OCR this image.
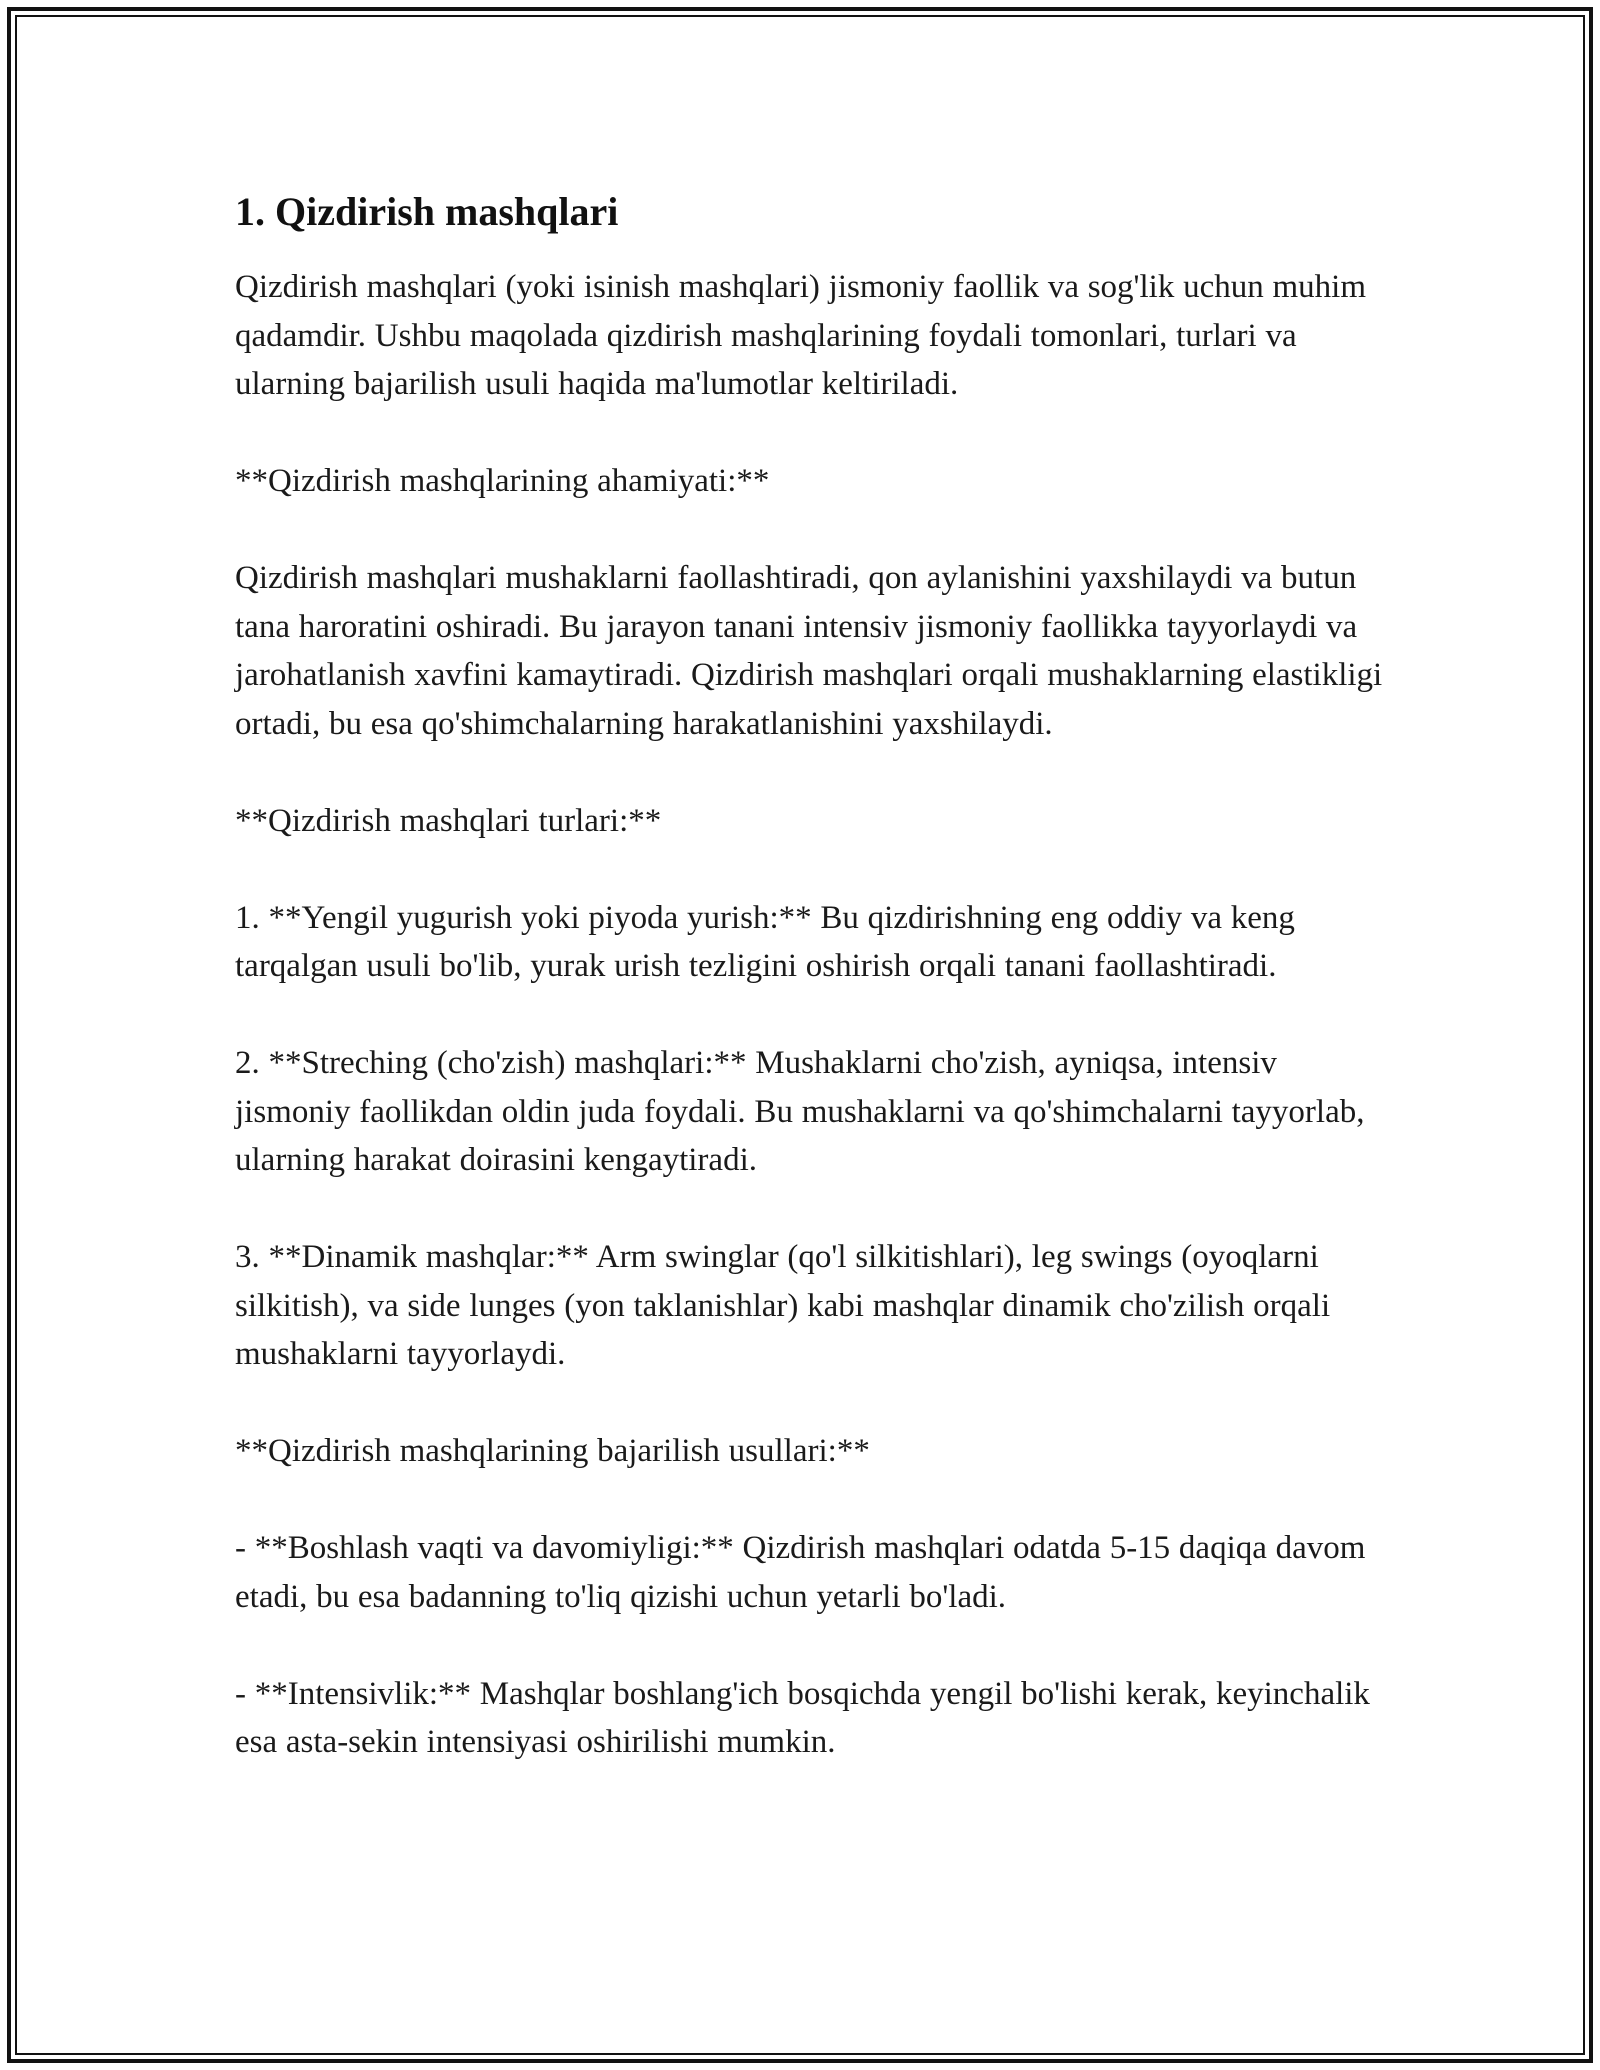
1. Qizdirish mashqlari

Qizdirish mashqlari (yoki isinish mashqlari) jismoniy faollik va sog'lik uchun muhim qadamdir. Ushbu maqolada qizdirish mashqlarining foydali tomonlari, turlari va ularning bajarilish usuli haqida ma'lumotlar keltiriladi.

**Qizdirish mashqlarining ahamiyati:**

Qizdirish mashqlari mushaklarni faollashtiradi, qon aylanishini yaxshilaydi va butun tana haroratini oshiradi. Bu jarayon tanani intensiv jismoniy faollikka tayyorlaydi va jarohatlanish xavfini kamaytiradi. Qizdirish mashqlari orqali mushaklarning elastikligi ortadi, bu esa qo'shimchalarning harakatlanishini yaxshilaydi.

**Qizdirish mashqlari turlari:**

1. **Yengil yugurish yoki piyoda yurish:** Bu qizdirishning eng oddiy va keng tarqalgan usuli bo'lib, yurak urish tezligini oshirish orqali tanani faollashtiradi.

2. **Streching (cho'zish) mashqlari:** Mushaklarni cho'zish, ayniqsa, intensiv jismoniy faollikdan oldin juda foydali. Bu mushaklarni va qo'shimchalarni tayyorlab, ularning harakat doirasini kengaytiradi.

3. **Dinamik mashqlar:** Arm swinglar (qo'l silkitishlari), leg swings (oyoqlarni silkitish), va side lunges (yon taklanishlar) kabi mashqlar dinamik cho'zilish orqali mushaklarni tayyorlaydi.

**Qizdirish mashqlarining bajarilish usullari:**

- **Boshlash vaqti va davomiyligi:** Qizdirish mashqlari odatda 5-15 daqiqa davom etadi, bu esa badanning to'liq qizishi uchun yetarli bo'ladi.

- **Intensivlik:** Mashqlar boshlang'ich bosqichda yengil bo'lishi kerak, keyinchalik esa asta-sekin intensiyasi oshirilishi mumkin.
